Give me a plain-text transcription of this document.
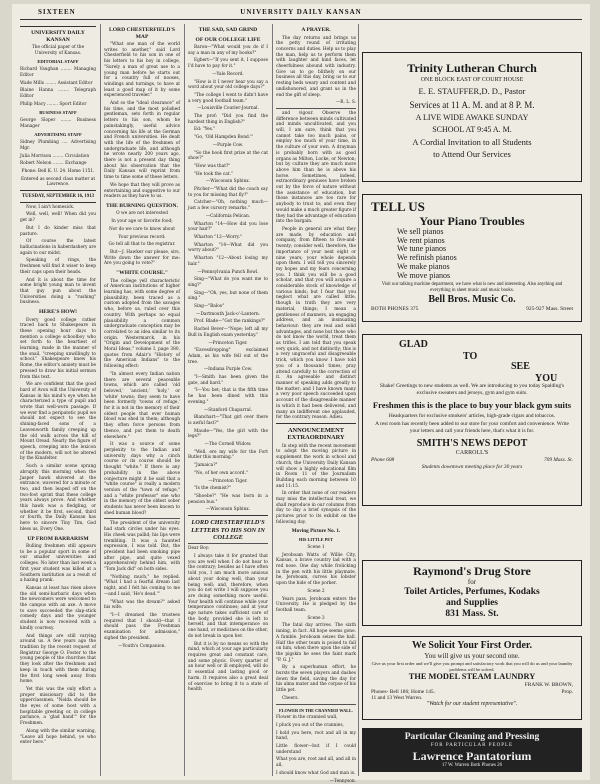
SIXTEEN	UNIVERSITY DAILY KANSAN

UNIVERSITY DAILY KANSAN

The official paper of the University of Kansas.

EDITORIAL STAFF

Richard Vaughan ........ Managing Editor

Wade Mills ........ Assistant Editor

Blaine Hanna ........ Telegraph Editor

Philip Macy ........ Sport Editor

BUSINESS STAFF

George Sloper ........ Business Manager

ADVERTISING STAFF

Sidney Plumbing .... Advertising Mgr.

Julia Morrison ........ Circulation

Robert Nelson ........ Exchange

Phone: Bell K. U. 24. Home 1151.

Entered as second class matter at Lawrence.

TUESDAY, SEPTEMBER 16, 1913

Now, I ain't homesick.

Well, well, well! When did you get in?

But I do kinder miss that pasture.

Of course the latest hallucinations in haberdashery are again to our midst.

Speaking of rings, the freshmen will find it wiser to keep their caps upon their heads.

And it is about the time for some bright young man to invent that guy pun about the Universities doing a "rushing" business.

HERE'S HOW!

Every good college rather traced back to Shakespeare in these opening hour days to mention a college schoolboy who set forth to the heartiest of learning, made in the manner of the snail, "creeping unwillingly to school." Shakespeare knew his Rome, the editor's anxiety must be pressed to draw his initial sermon from this text.

We are confident that the good bard of Avon will the University of Kansas in his mind's eye when he characterized a type of pupil and wrote that well-worn passage. If we ever find a peripatetic pupil we should not expect to see the shining-faced sons of a Leavenworth family creeping up the old walk across the hill of Mount Oread. Nearly the figure of speech, creeping into the lexicon of the modern, will not be altered by the Kinafelter.

Such a similar scene sprang abruptly this morning when the Jasper hawk shivered at the entrance, wavered for a minute or two, and then leaped off on the two-foot sprint that these college years always prove. And whether this hawk was a fledgling, or whether it be first, second, third or fourth, the Daily Kansan has here to sincere Tiny Tim, God bless us, Every One.

UP FROM BARBARISM

Bulling freshmen still appears to be a popular sport in some of our smaller universities and colleges. No later than last week a first year student was killed at a Southern institution as a result of a hazing prank.

Kansas at least has risen above the old semi-barbaric days when the newcomers were welcomed to the campus with an axe. A move to save succeeded the slap-stick comedy days and the younger student is now received with a kindly courtesy.

And things are still varying around us. A few years ago the tradition by the recent request of Registrar George O. Foster to the young people of the churches that they look after the freshmen and keep in touch with them during the first long week away from home.

Yet this was the only effort a proper missionary did to the upperclassmen. "Nelda should be the eyes of some host with a hospitable greeting or, in college parlance, a 'glad hand'" for the Freshmen.

Along with the similar warning, "Leave all hope behind, ye who enter here."

LORD CHESTERFIELD'S MAP

"What one man of the world writes to another," said Lord Chesterfield to his son in one of his letters to his boy in college, "Surely a man of great use to a young man before he starts out for a country full of nooses, windings and turnings, to have at least a good map of it by some experienced traveler."

And so the "ideal clearance" of his time, and the most polished gentleman, sets forth in regular letters to his son, whom he painstakingly, useful advice concerning his life at the German and French universities. He dealt with the life of the freshmen of undergraduate life, and although he wrote nearly 200 years ago, there is not a present day thing about his observation that the Daily Kansan will reprint from time to time some of these letters.

We hope that they will prove as entertaining and suggestive to our readers as they have to us.

THE BURNING QUESTION.

O we are not interested

In your age or favorite food;

Nor do we care to know about

Your previous record:

Go tell all that to the registrar.

But—J. Hawker our please, sirs, Write down the answer for me: Are you going to vote?"

"WHITE COURSE."

The college yell characteristic of American institutions of higher learning has, with some degree of plausibility, been traced as a custom adopted from the savages who, before us, ruled over this country. With perhaps no equal plausibility a common undergraduate conception may be correlated to an idea similar to its origin. Westermarck, in his "Origin and Development of the Moral Ideas," volume I, page 380, quotes from Adair's "History of the American Indians" to the following effect:

"In almost every Indian nation there are several peaceable towns, which are called 'old beloved,' 'ancient,' 'holy,' or 'white' towns; they seem to have been formerly 'towns of refuge,' for it is not in the memory of their oldest people that ever human blood was shed in them; although they often force persons from thence, and put them to death elsewhere."

It was a source of some perplexity to the Indian and university days why a cinch course or its course should be thought "white." If there is any probability in the above conjecture might it be said that a "white course" is really a modern version of the "town of refuge," and a "white professor" one who in the memory of the oldest sober students has never been known to shed human blood?

The president of the university had stark circles under his eyes. His cheek was pallid; his lips were trembling. It was a haunted expression, I was told. But, the president had been smoking pipe after pipe, and quite vexed apprehensively behind him, with "Tom Jack did" on both sides.

"Nothing much," he replied. "What I had a fearful dream last night, and I felt his coming to me—and I said, 'He's dead.'"

"What was the dream?" asked his wife.

"I—I dreamed the trustees required that I should—that I should pass the Freshman examination for admission," sighed the president.

—Youth's Companion.

THE SAD, SAD GRIND

OF OUR COLLEGE LIFE

Baron—"What would you do if I say a man in any of my books?"

Egbert—"If you sent it, I suppose I'd have to pay for it."

—Yale Record.

"How is it I never hear you say a word about your old college days?"

"The college I went to didn't have a very good football team."

—Louisville Courier-Journal.

The prof: "Did you find the hardest thing in English?"

Ed: "Yes."

"Go, 'Old Hampden Bond.'"

—Purple Cow.

"So the book first prize at the cat show?"

"How was that?"

"He took the cat."

—Wisconsin Sphinx.

Pitcher—"What did the coach say to you for missing that fly?"

Catcher—"Oh, nothing much—just a few cursory remarks."

—California Pelican.

Wharton "14—How did you lose your hair?"

Wharton "12—Worry."

Wharton "14—What did you worry about?"

Wharton "12—About losing my hair."

—Pennsylvania Punch Bowl.

Sing—"What do you want me to sing?"

Sing—"Oh, yes, but none of them sing."

Sing—"Baloo"

—Dartmouth Jack-o'-Lantern.

Prof. Blade—"Got the rankings?"

Rachel Bever—"Nope; left all my Bull in English exam yesterday."

—Princeton Tiger.

"Eavesdropping" exclaimed Adam, as his wife fell out of the tree.

—Indiana Purple Cow.

"I—Smith has been given the gate, and hard."

"I—You bet; that is the fifth time he has been dined with this evening."

—Stanford Chaparral.

Blanchart—"That girl over there is awful fast?"

Maude—"Yes, the girl with the legs?"

—The Cornell Widow.

"Well, ere my wife for the Fort Butler this morning."

"Jamaica?"

"No, of her own accord."

—Princeton Tiger.

"Is the chemist?"

"Shoebe?" "He was born in a pension bus."

—Wisconsin Sphinx.

LORD CHESTERFIELD'S LETTERS TO HIS SON IN COLLEGE

Dear Boy:

I always take it for granted that you are well when I do not hear to the contrary; besides as I have often told you, I am much more anxious about your doing well, than your being well; and, therefore, when you do not write I will suppose you are doing something more useful. Your health will continue while your temperance continues; and at your age nature takes sufficient care of the body, provided she is left to herself, and that intemperance on one hand, or medicines on the other, do not break in upon her.

But it is by no means so with the mind, which at your age particularly requires great and constant care, and some physic. Every quarter of an hour well or ill employed, will do it essential and lasting good or harm. It requires also a great deal of exercise to bring it to a state of health

A PRAYER.

The day returns and brings us the petty round of irritating concerns and duties. Help us to play the man, help us to perform them with laughter and kind faces, let cheerfulness abound with industry. Give us to go blithely on our business all this day, bring us to our resting beds weary and content and undishonored, and grant us in the end the gift of sleep.

—R. L. S.

and vigour. Observe the difference between minds cultivated and minds uncultivated, and you will, I am sure, think that you cannot take too much pains, or employ too much of your time, in the culture of your own. A drayman is probably born with as good organs as Milton, Locke, or Newton; but by culture they are much more above him than he is above his horse. Sometimes, indeed, extraordinary geniuses have broken out by the force of nature without the assistance of education, but those instances are too rare for anybody to trust to; and even they would make a much greater figure if they had the advantage of education into the bargain.

People in general are what they are made, by education and company, from fifteen to five-and-twenty; consider well, therefore, the importance of your next eight or nine years; your whole depends upon them. I will tell you sincerely my hopes and my fears concerning you. I think you will be a good scholar, and that you will acquire a considerable stock of knowledge of various kinds; but I fear that you neglect what are called little, though in truth they are very material, things; I mean a gentleness of manners, an engaging address, and an insinuating behaviour: they are real and solid advantages, and none but those who do not know the world, treat them as trifles. I am told that you speak very quick, and not distinctly; this is a very ungraceful and disagreeable trick, which you know I have told you of a thousand times; pray attend carefully to the correction of it. An agreeable and distinct manner of speaking adds greatly to the matter; and I have known many a very poor speech succeeded upon account of the disagreeable manner in which it had been delivered, and many an indifferent one applauded, for the contrary reason. Adieu.

ANNOUNCEMENT EXTRAORDINARY

In step with the recent movement to adopt the moving picture in supplement the work in school and church, the University Daily Kansan will show a highly educational film in Room 11 of the Journalism Building each morning between 10 and 11:15.

In order that none of our readers may miss the intellectual treat, we shall reproduce in our columns from day to day a brief synopsis of the pictures prior to its exhibit on the following day.

Moving Picture No. 1.

HIS LITTLE PET

Scene 1

Jeroboam Watts of Willie City, Kansas, a brave country lad with a red nose. One day while frolicking in the pen with his little playmate, he, Jeroboam, curves his lobster upon the hide of the porker.

Scene 2

Years pass. Jeroboam enters the University. He is pledged by the football team.

Scene 3

The fatal day arrives. The sixth inning, in fact. All hope seems gone. A fumble. Jeroboam seizes the ball. Half the other team is poised to fall on him, when there upon the side of the pigskin he sees the faint mark "P. G. J."

By a superhuman effort, he bursts the seven players and dashes down the field, saving the day for his alma mater and the corpse of his little pet.

Cheers.

FLOWER IN THE CRANNIED WALL.

Flower in the crannied wall,

I pluck you out of the crannies,

I hold you here, root and all in my hand,

Little flower—but if I could understand

What you are, root and all, and all in all,

I should know what God and man is.

—Tennyson.

Trinity Lutheran Church
ONE BLOCK EAST OF COURT HOUSE
E. E. STAUFFER,D. D., Pastor
Services at 11 A. M. and at 8 P. M.
A LIVE WIDE AWAKE SUNDAY
SCHOOL AT 9:45 A. M.
A Cordial Invitation to all Students
to Attend Our Services
TELL US
Your Piano Troubles
We sell pianos
We rent pianos
We tune pianos
We refinish pianos
We make pianos
We move pianos
Visit our talking machine department, we have what is new and interesting. Also anything and everything in sheet music and music books.
Bell Bros. Music Co.
BOTH PHONES 375	925-927 Mass. Street
GLAD
TO
SEE
YOU
Shake! Greetings to new students as well. We are introducing to you today Spalding's exclusive sweaters and jerseys, gym and gym suits.
Freshmen this is the place to buy your black gym suits
Headquarters for exclusive smokers' articles, high-grade cigars and tobaccos.
A rest room has recently been added to our store for your comfort and convenience. Write your letters and call your friends here, that's what it is for.
SMITH'S NEWS DEPOT
CARROLL'S
Phone 608	709 Mass. St.
Students downtown meeting place for 30 years
Raymond's Drug Store
for
Toilet Articles, Perfumes, Kodaks
and Supplies
831 Mass. St.
We Solicit Your First Order.
You will give us your second one.
Give us your first order and we'll give you prompt and satisfactory work that you will do us and your laundry problems will be solved.
THE MODEL STEAM LAUNDRY
FRANK W. BROWN,
Phones- Bell 186; Home 145.	Prop.
11 and 13 West Warren.
"Watch for our student representative".
Particular Cleaning and Pressing
FOR PARTICULAR PEOPLE
Lawrence Pantatorium
17 W. Warren Both Phones 26
